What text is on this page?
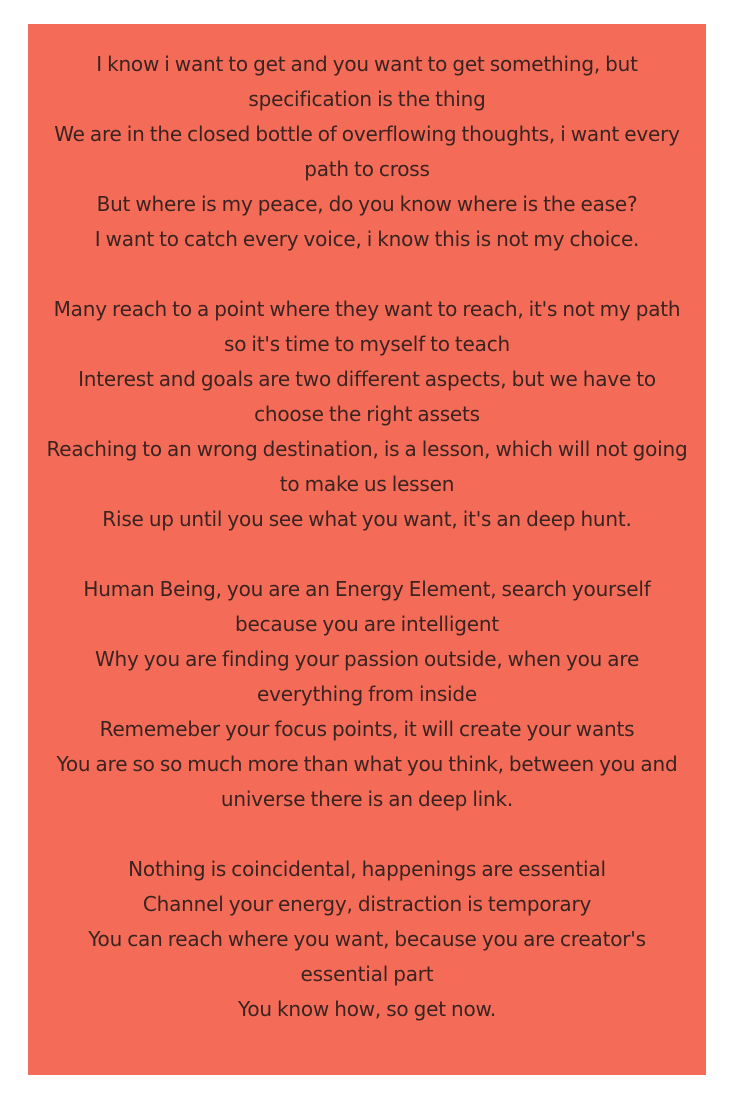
I know i want to get and you want to get something, but specification is the thing
We are in the closed bottle of overflowing thoughts, i want every path to cross
But where is my peace, do you know where is the ease?
I want to catch every voice, i know this is not my choice.
Many reach to a point where they want to reach, it's not my path so it's time to myself to teach
Interest and goals are two different aspects, but we have to choose the right assets
Reaching to an wrong destination, is a lesson, which will not going to make us lessen
Rise up until you see what you want, it's an deep hunt.
Human Being, you are an Energy Element, search yourself because you are intelligent
Why you are finding your passion outside, when you are everything from inside
Rememeber your focus points, it will create your wants
You are so so much more than what you think, between you and universe there is an deep link.
Nothing is coincidental, happenings are essential
Channel your energy, distraction is temporary
You can reach where you want, because you are creator's essential part
You know how, so get now.
